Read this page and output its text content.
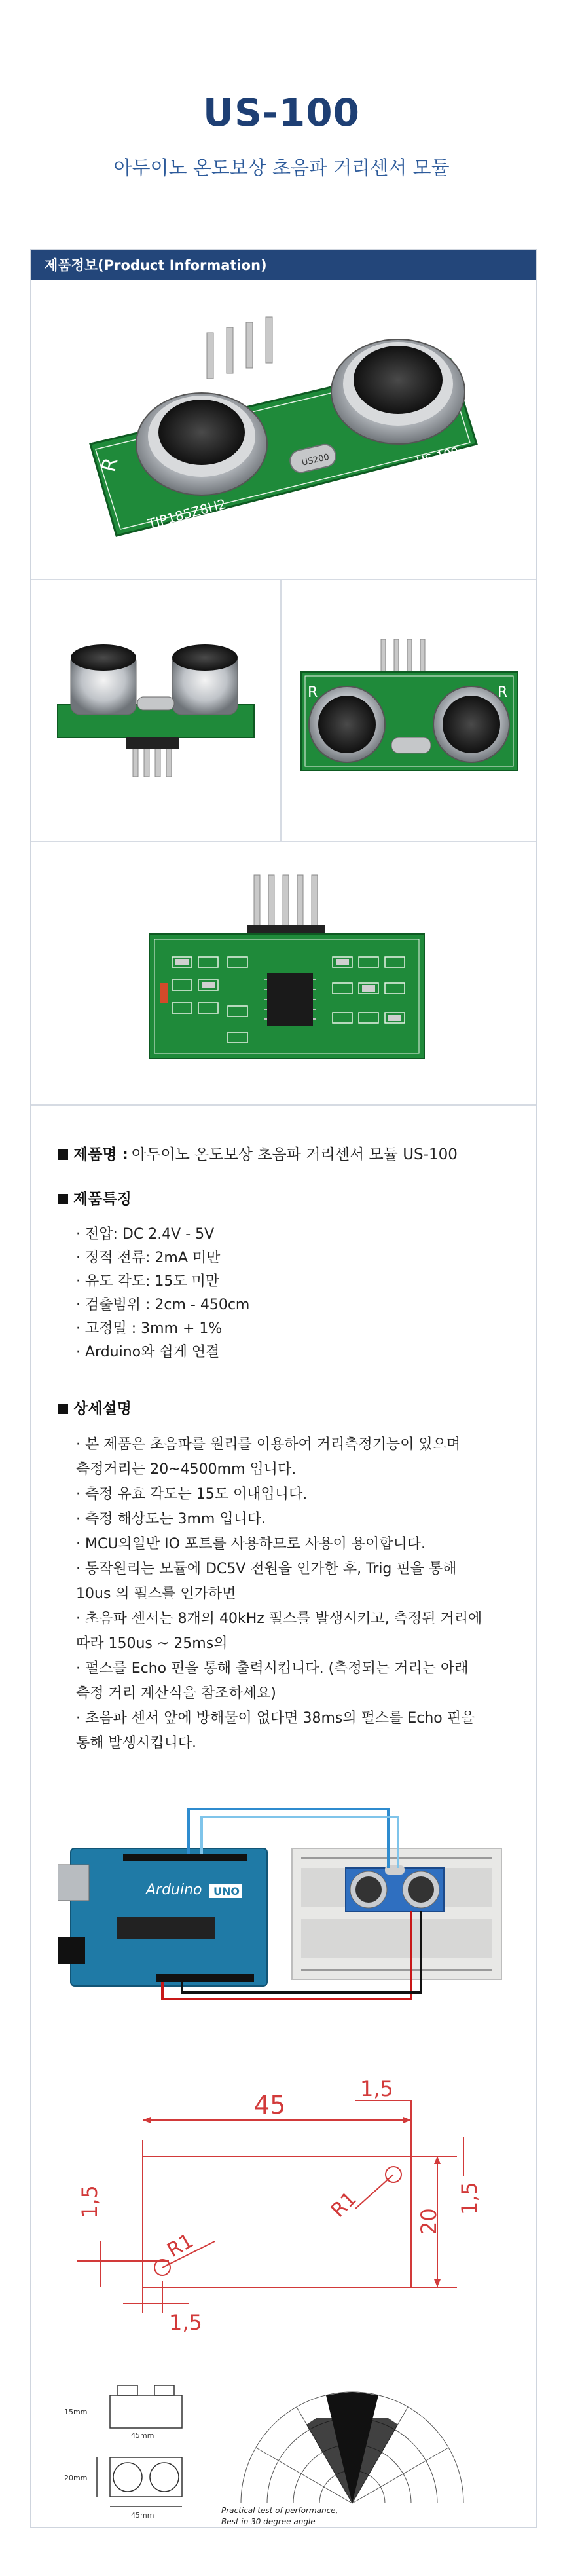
US-100
아두이노 온도보상 초음파 거리센서 모듈
제품정보(Product Information)
US200
TJP185Z8H2
US-100
R
R	R
제품명 : 아두이노 온도보상 초음파 거리센서 모듈 US-100
제품특징
· 전압: DC 2.4V - 5V
· 정적 전류: 2mA 미만
· 유도 각도: 15도 미만
· 검출범위 : 2cm - 450cm
· 고정밀 : 3mm + 1%
· Arduino와 쉽게 연결
상세설명
· 본 제품은 초음파를 원리를 이용하여 거리측정기능이 있으며
측정거리는 20~4500mm 입니다.
· 측정 유효 각도는 15도 이내입니다.
· 측정 해상도는 3mm 입니다.
· MCU의일반 IO 포트를 사용하므로 사용이 용이합니다.
· 동작원리는 모듈에 DC5V 전원을 인가한 후, Trig 핀을 통해
10us 의 펄스를 인가하면
· 초음파 센서는 8개의 40kHz 펄스를 발생시키고, 측정된 거리에
따라 150us ~ 25ms의
· 펄스를 Echo 핀을 통해 출력시킵니다. (측정되는 거리는 아래
측정 거리 계산식을 참조하세요)
· 초음파 센서 앞에 방해물이 없다면 38ms의 펄스를 Echo 핀을
통해 발생시킵니다.
Arduino UNO
45
1,5
1,5
1,5
1,5
20
R1
R1
15mm
45mm
20mm
45mm
Practical test of performance,
Best in 30 degree angle
